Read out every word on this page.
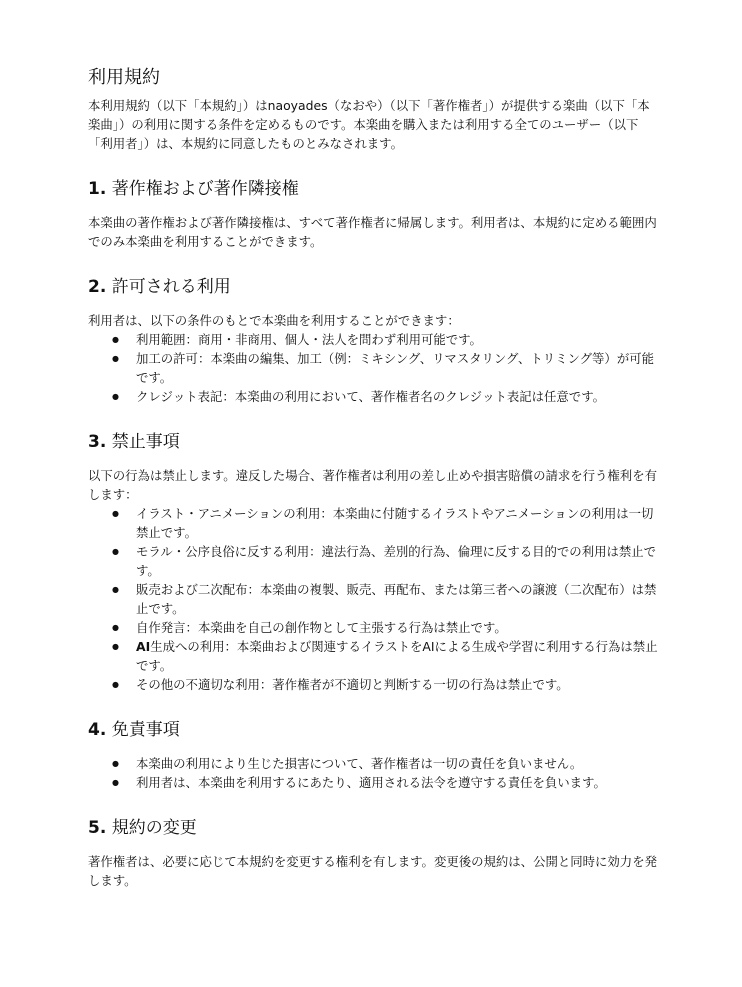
利用規約

本利用規約（以下「本規約」）はnaoyades（なおや）（以下「著作権者」）が提供する楽曲（以下「本楽曲」）の利用に関する条件を定めるものです。本楽曲を購入または利用する全てのユーザー（以下「利用者」）は、本規約に同意したものとみなされます。

1. 著作権および著作隣接権

本楽曲の著作権および著作隣接権は、すべて著作権者に帰属します。利用者は、本規約に定める範囲内でのみ本楽曲を利用することができます。

2. 許可される利用

利用者は、以下の条件のもとで本楽曲を利用することができます：

● 利用範囲：商用・非商用、個人・法人を問わず利用可能です。
● 加工の許可：本楽曲の編集、加工（例：ミキシング、リマスタリング、トリミング等）が可能です。
● クレジット表記：本楽曲の利用において、著作権者名のクレジット表記は任意です。
3. 禁止事項

以下の行為は禁止します。違反した場合、著作権者は利用の差し止めや損害賠償の請求を行う権利を有します：

● イラスト・アニメーションの利用：本楽曲に付随するイラストやアニメーションの利用は一切禁止です。
● モラル・公序良俗に反する利用：違法行為、差別的行為、倫理に反する目的での利用は禁止です。
● 販売および二次配布：本楽曲の複製、販売、再配布、または第三者への譲渡（二次配布）は禁止です。
● 自作発言：本楽曲を自己の創作物として主張する行為は禁止です。
● AI生成への利用：本楽曲および関連するイラストをAIによる生成や学習に利用する行為は禁止です。
● その他の不適切な利用：著作権者が不適切と判断する一切の行為は禁止です。
4. 免責事項
● 本楽曲の利用により生じた損害について、著作権者は一切の責任を負いません。
● 利用者は、本楽曲を利用するにあたり、適用される法令を遵守する責任を負います。
5. 規約の変更

著作権者は、必要に応じて本規約を変更する権利を有します。変更後の規約は、公開と同時に効力を発します。
